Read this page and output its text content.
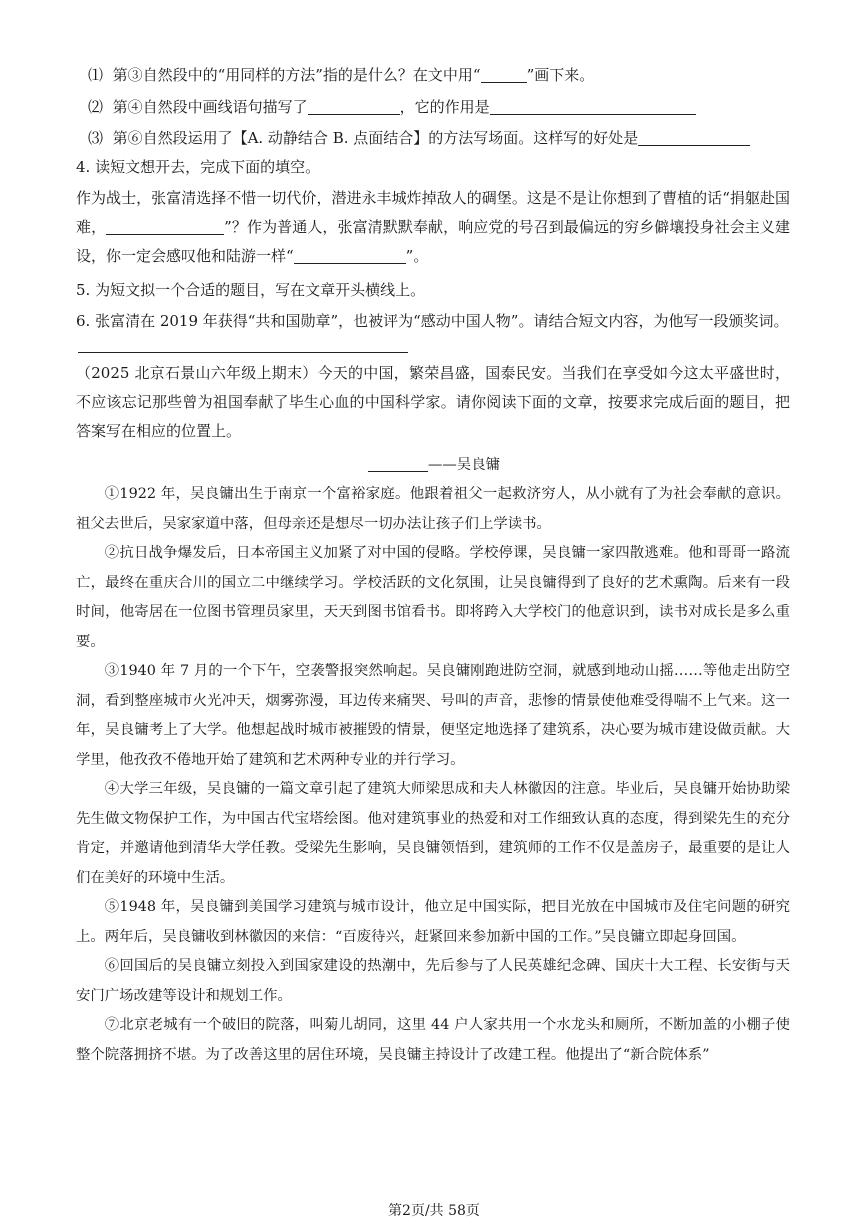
⑴ 第③自然段中的“用同样的方法”指的是什么？在文中用“	”画下来。

⑵ 第④自然段中画线语句描写了	，它的作用是

⑶ 第⑥自然段运用了【A. 动静结合 B. 点面结合】的方法写场面。这样写的好处是

4. 读短文想开去，完成下面的填空。

作为战士，张富清选择不惜一切代价，潜进永丰城炸掉敌人的碉堡。这是不是让你想到了曹植的话“捐躯赴国难，	”？作为普通人，张富清默默奉献，响应党的号召到最偏远的穷乡僻壤投身社会主义建设，你一定会感叹他和陆游一样“	”。

5. 为短文拟一个合适的题目，写在文章开头横线上。

6. 张富清在 2019 年获得“共和国勋章”，也被评为“感动中国人物”。请结合短文内容，为他写一段颁奖词。

（2025 北京石景山六年级上期末）今天的中国，繁荣昌盛，国泰民安。当我们在享受如今这太平盛世时，不应该忘记那些曾为祖国奉献了毕生心血的中国科学家。请你阅读下面的文章，按要求完成后面的题目，把答案写在相应的位置上。

——吴良镛

①1922 年，吴良镛出生于南京一个富裕家庭。他跟着祖父一起救济穷人，从小就有了为社会奉献的意识。祖父去世后，吴家家道中落，但母亲还是想尽一切办法让孩子们上学读书。

②抗日战争爆发后，日本帝国主义加紧了对中国的侵略。学校停课，吴良镛一家四散逃难。他和哥哥一路流亡，最终在重庆合川的国立二中继续学习。学校活跃的文化氛围，让吴良镛得到了良好的艺术熏陶。后来有一段时间，他寄居在一位图书管理员家里，天天到图书馆看书。即将跨入大学校门的他意识到，读书对成长是多么重要。

③1940 年 7 月的一个下午，空袭警报突然响起。吴良镛刚跑进防空洞，就感到地动山摇……等他走出防空洞，看到整座城市火光冲天，烟雾弥漫，耳边传来痛哭、号叫的声音，悲惨的情景使他难受得喘不上气来。这一年，吴良镛考上了大学。他想起战时城市被摧毁的情景，便坚定地选择了建筑系，决心要为城市建设做贡献。大学里，他孜孜不倦地开始了建筑和艺术两种专业的并行学习。

④大学三年级，吴良镛的一篇文章引起了建筑大师梁思成和夫人林徽因的注意。毕业后，吴良镛开始协助梁先生做文物保护工作，为中国古代宝塔绘图。他对建筑事业的热爱和对工作细致认真的态度，得到梁先生的充分肯定，并邀请他到清华大学任教。受梁先生影响，吴良镛领悟到，建筑师的工作不仅是盖房子，最重要的是让人们在美好的环境中生活。

⑤1948 年，吴良镛到美国学习建筑与城市设计，他立足中国实际，把目光放在中国城市及住宅问题的研究上。两年后，吴良镛收到林徽因的来信：“百废待兴，赶紧回来参加新中国的工作。”吴良镛立即起身回国。

⑥回国后的吴良镛立刻投入到国家建设的热潮中，先后参与了人民英雄纪念碑、国庆十大工程、长安街与天安门广场改建等设计和规划工作。

⑦北京老城有一个破旧的院落，叫菊儿胡同，这里 44 户人家共用一个水龙头和厕所，不断加盖的小棚子使整个院落拥挤不堪。为了改善这里的居住环境，吴良镛主持设计了改建工程。他提出了“新合院体系”

第2页/共 58页
